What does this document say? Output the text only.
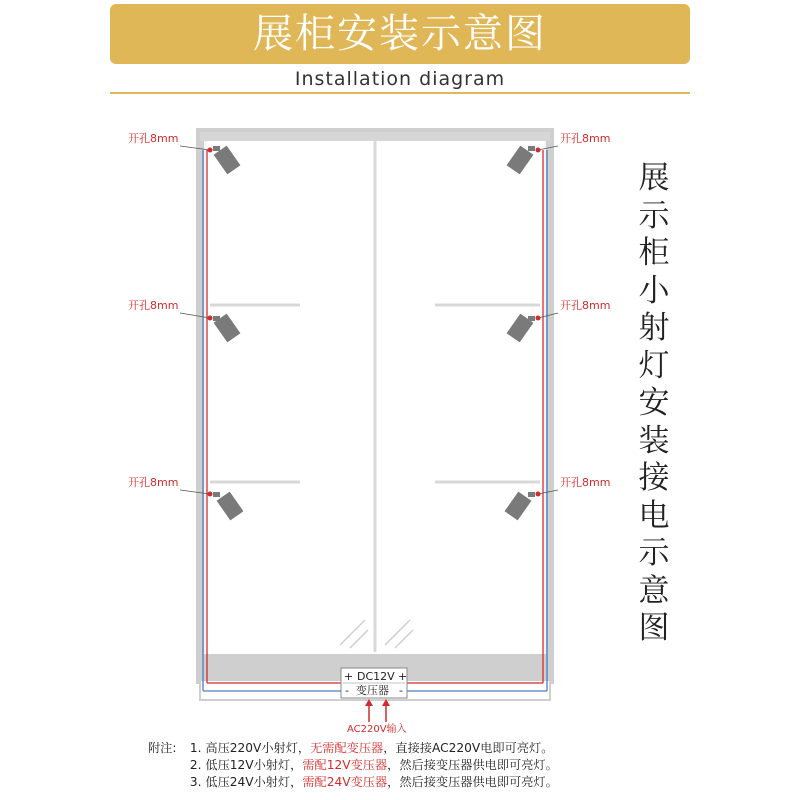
展柜安装示意图
Installation diagram
开孔8mm
开孔8mm
开孔8mm
开孔8mm
开孔8mm
开孔8mm
+ DC12V +
- 变压器 -
AC220V输入
展
示
柜
小
射
灯
安
装
接
电
示
意
图
附注: 1. 高压220V小射灯，无需配变压器，直接接AC220V电即可亮灯。
2. 低压12V小射灯，需配12V变压器，然后接变压器供电即可亮灯。
3. 低压24V小射灯，需配24V变压器，然后接变压器供电即可亮灯。
